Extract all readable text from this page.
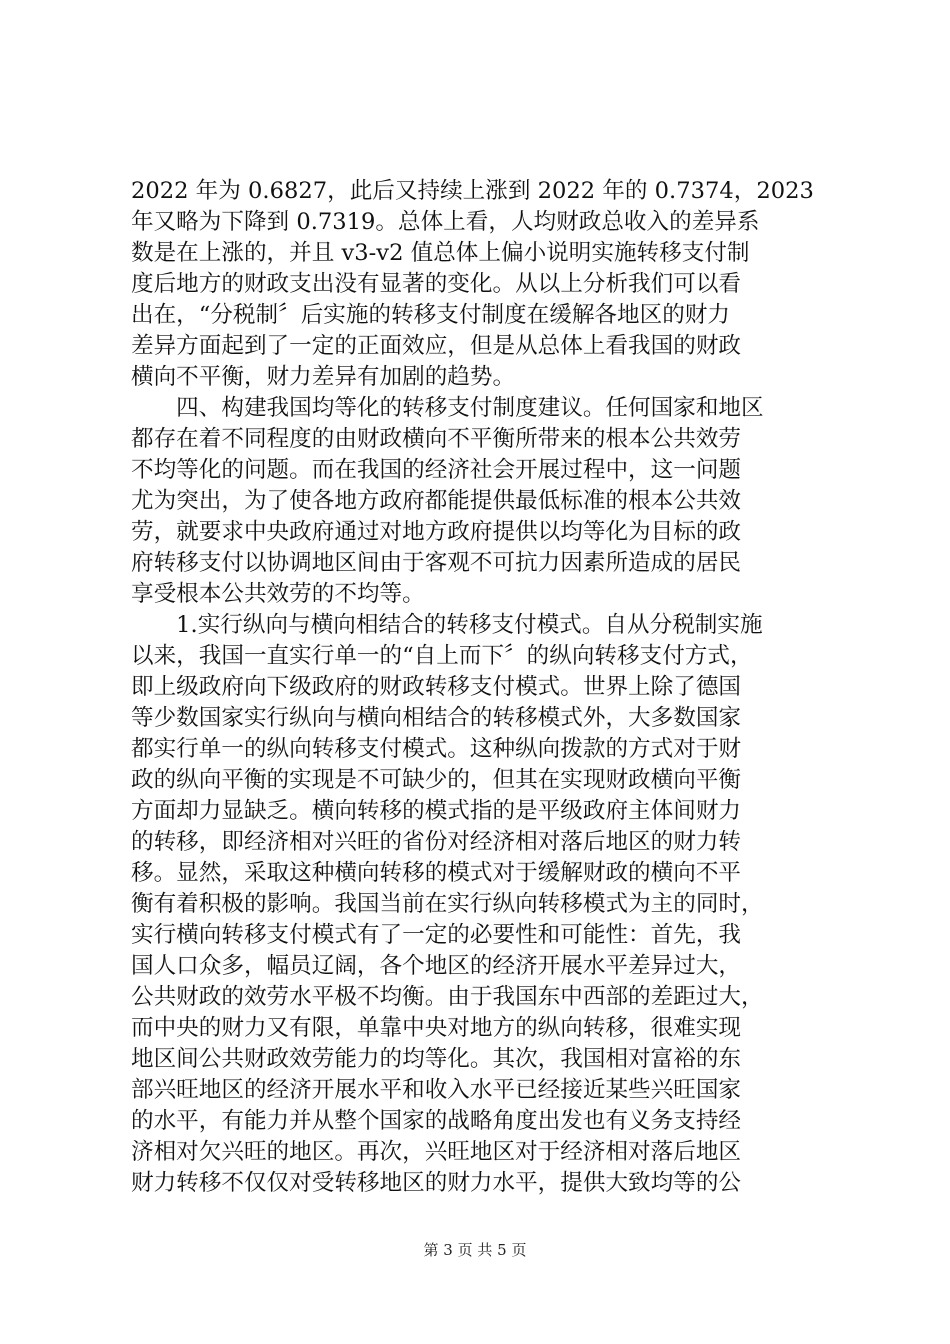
2022 年为 0.6827，此后又持续上涨到 2022 年的 0.7374，2023
年又略为下降到 0.7319。总体上看，人均财政总收入的差异系
数是在上涨的，并且 v3-v2 值总体上偏小说明实施转移支付制
度后地方的财政支出没有显著的变化。从以上分析我们可以看
出在，“分税制〞后实施的转移支付制度在缓解各地区的财力
差异方面起到了一定的正面效应，但是从总体上看我国的财政
横向不平衡，财力差异有加剧的趋势。
　　四、构建我国均等化的转移支付制度建议。任何国家和地区
都存在着不同程度的由财政横向不平衡所带来的根本公共效劳
不均等化的问题。而在我国的经济社会开展过程中，这一问题
尤为突出，为了使各地方政府都能提供最低标准的根本公共效
劳，就要求中央政府通过对地方政府提供以均等化为目标的政
府转移支付以协调地区间由于客观不可抗力因素所造成的居民
享受根本公共效劳的不均等。
　　1.实行纵向与横向相结合的转移支付模式。自从分税制实施
以来，我国一直实行单一的“自上而下〞的纵向转移支付方式，
即上级政府向下级政府的财政转移支付模式。世界上除了德国
等少数国家实行纵向与横向相结合的转移模式外，大多数国家
都实行单一的纵向转移支付模式。这种纵向拨款的方式对于财
政的纵向平衡的实现是不可缺少的，但其在实现财政横向平衡
方面却力显缺乏。横向转移的模式指的是平级政府主体间财力
的转移，即经济相对兴旺的省份对经济相对落后地区的财力转
移。显然，采取这种横向转移的模式对于缓解财政的横向不平
衡有着积极的影响。我国当前在实行纵向转移模式为主的同时，
实行横向转移支付模式有了一定的必要性和可能性：首先，我
国人口众多，幅员辽阔，各个地区的经济开展水平差异过大，
公共财政的效劳水平极不均衡。由于我国东中西部的差距过大，
而中央的财力又有限，单靠中央对地方的纵向转移，很难实现
地区间公共财政效劳能力的均等化。其次，我国相对富裕的东
部兴旺地区的经济开展水平和收入水平已经接近某些兴旺国家
的水平，有能力并从整个国家的战略角度出发也有义务支持经
济相对欠兴旺的地区。再次，兴旺地区对于经济相对落后地区
财力转移不仅仅对受转移地区的财力水平，提供大致均等的公
第 3 页 共 5 页
